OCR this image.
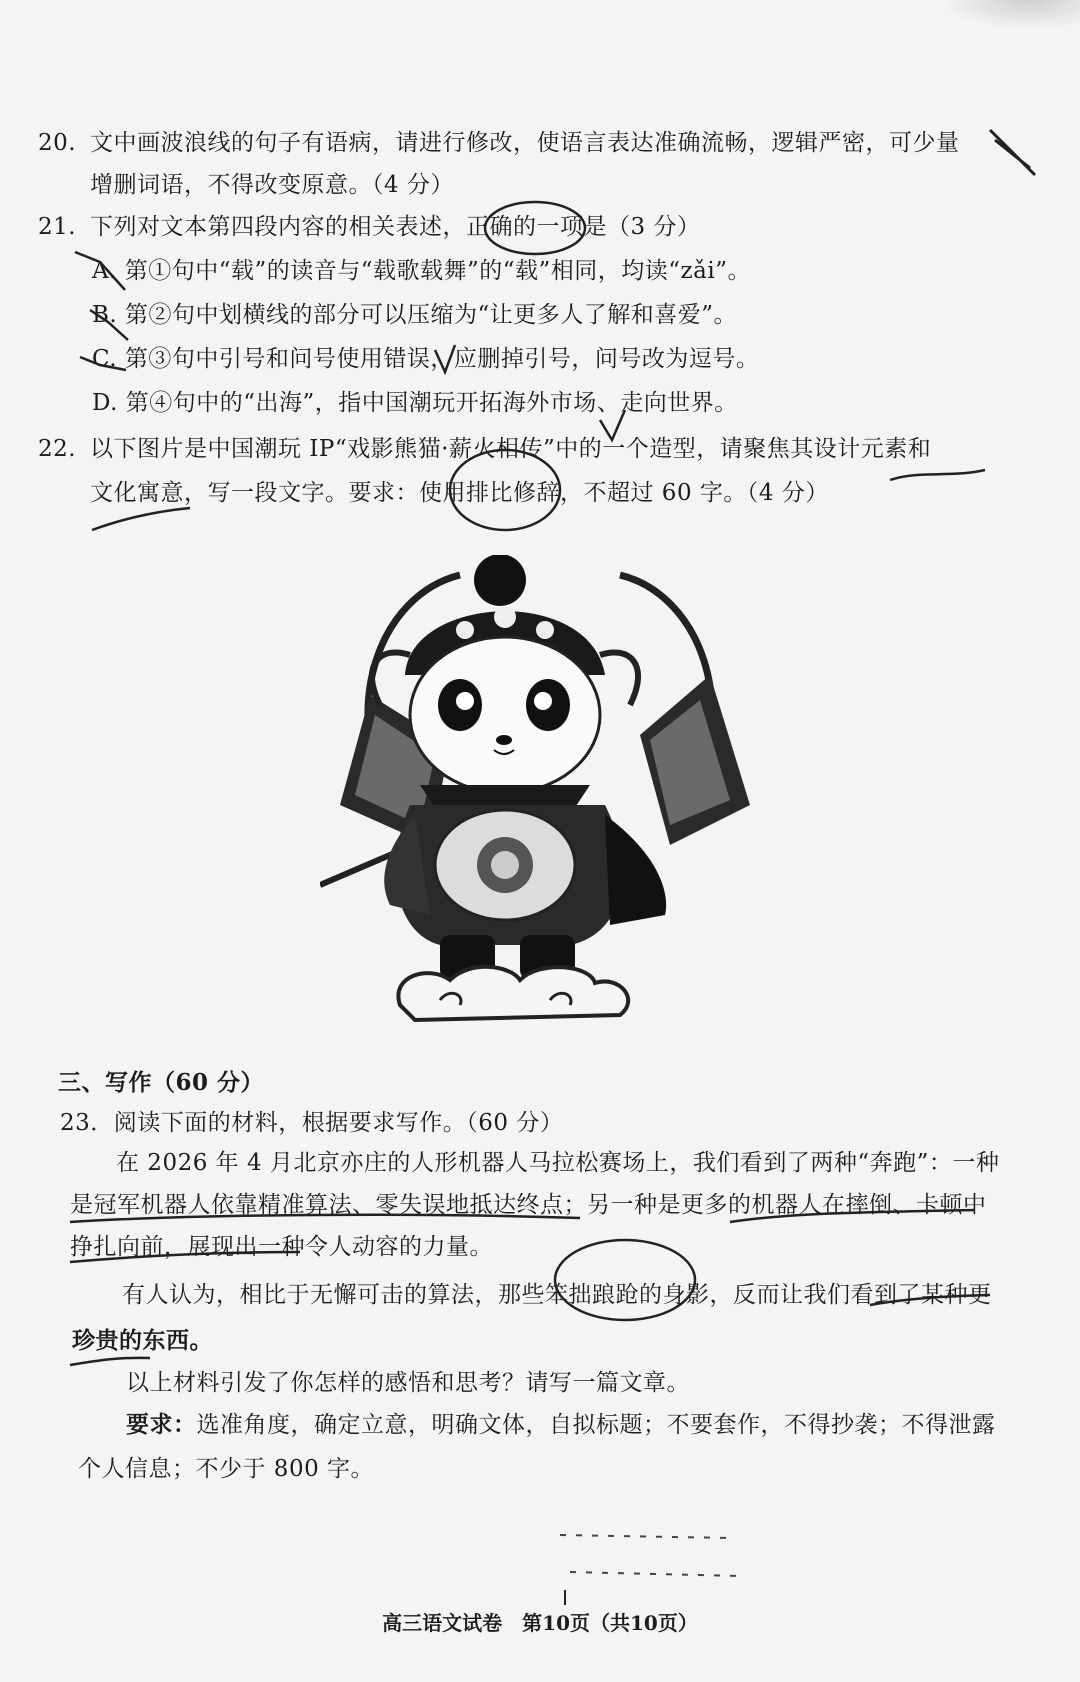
20. 文中画波浪线的句子有语病，请进行修改，使语言表达准确流畅，逻辑严密，可少量
增删词语，不得改变原意。（4 分）
21. 下列对文本第四段内容的相关表述，正确的一项是（3 分）
A. 第①句中“载”的读音与“载歌载舞”的“载”相同，均读“zǎi”。
B. 第②句中划横线的部分可以压缩为“让更多人了解和喜爱”。
C. 第③句中引号和问号使用错误，应删掉引号，问号改为逗号。
D. 第④句中的“出海”，指中国潮玩开拓海外市场、走向世界。
22. 以下图片是中国潮玩 IP“戏影熊猫·薪火相传”中的一个造型，请聚焦其设计元素和
文化寓意，写一段文字。要求：使用排比修辞，不超过 60 字。（4 分）
三、写作（60 分）
23．阅读下面的材料，根据要求写作。（60 分）
在 2026 年 4 月北京亦庄的人形机器人马拉松赛场上，我们看到了两种“奔跑”：一种
是冠军机器人依靠精准算法、零失误地抵达终点；另一种是更多的机器人在摔倒、卡顿中
挣扎向前，展现出一种令人动容的力量。
有人认为，相比于无懈可击的算法，那些笨拙踉跄的身影，反而让我们看到了某种更
珍贵的东西。
以上材料引发了你怎样的感悟和思考？请写一篇文章。
要求：选准角度，确定立意，明确文体，自拟标题；不要套作，不得抄袭；不得泄露
个人信息；不少于 800 字。
高三语文试卷　第10页（共10页）
